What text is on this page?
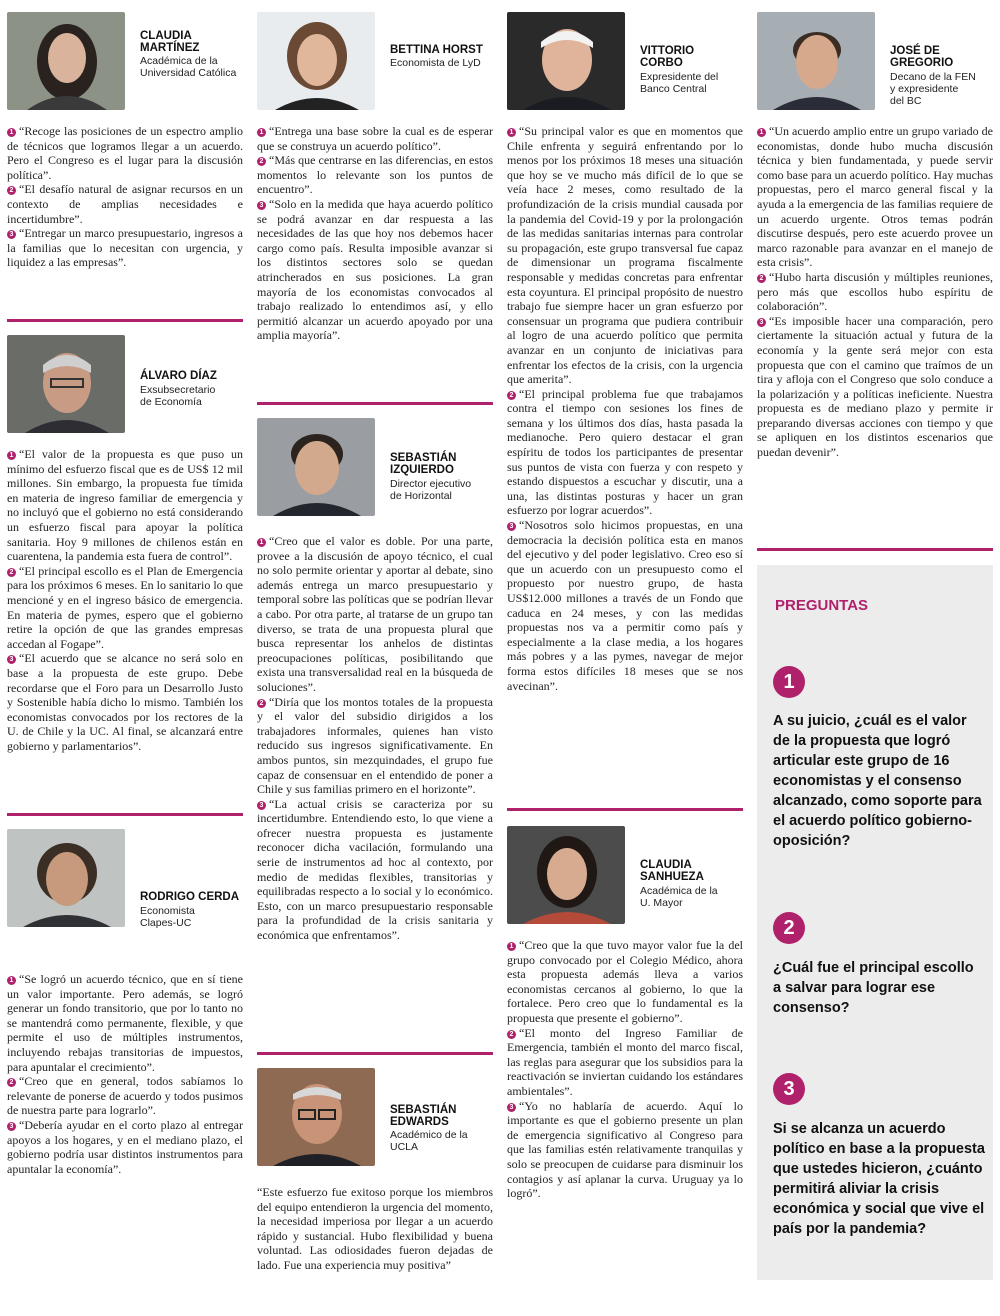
CLAUDIA
MARTÍNEZ
Académica de la
Universidad Católica

1 “Recoge las posiciones de un espectro amplio de técnicos que logramos llegar a un acuerdo. Pero el Congreso es el lugar para la discusión política”.

2 “El desafío natural de asignar recursos en un contexto de amplias necesidades e incertidumbre”.

3 “Entregar un marco presupuestario, ingresos a la familias que lo necesitan con urgencia, y liquidez a las empresas”.

ÁLVARO DÍAZ
Exsubsecretario
de Economía

1 “El valor de la propuesta es que puso un mínimo del esfuerzo fiscal que es de US$ 12 mil millones. Sin embargo, la propuesta fue tímida en materia de ingreso familiar de emergencia y no incluyó que el gobierno no está considerando un esfuerzo fiscal para apoyar la política sanitaria. Hoy 9 millones de chilenos están en cuarentena, la pandemia esta fuera de control”.

2 “El principal escollo es el Plan de Emergencia para los próximos 6 meses. En lo sanitario lo que mencioné y en el ingreso básico de emergencia. En materia de pymes, espero que el gobierno retire la opción de que las grandes empresas accedan al Fogape”.

3 “El acuerdo que se alcance no será solo en base a la propuesta de este grupo. Debe recordarse que el Foro para un Desarrollo Justo y Sostenible había dicho lo mismo. También los economistas convocados por los rectores de la U. de Chile y la UC. Al final, se alcanzará entre gobierno y parlamentarios”.

RODRIGO CERDA
Economista
Clapes-UC

1 “Se logró un acuerdo técnico, que en sí tiene un valor importante. Pero además, se logró generar un fondo transitorio, que por lo tanto no se mantendrá como permanente, flexible, y que permite el uso de múltiples instrumentos, incluyendo rebajas transitorias de impuestos, para apuntalar el crecimiento”.

2 “Creo que en general, todos sabíamos lo relevante de ponerse de acuerdo y todos pusimos de nuestra parte para lograrlo”.

3 “Debería ayudar en el corto plazo al entregar apoyos a los hogares, y en el mediano plazo, el gobierno podría usar distintos instrumentos para apuntalar la economía”.

BETTINA HORST
Economista de LyD

1 “Entrega una base sobre la cual es de esperar que se construya un acuerdo político”.

2 “Más que centrarse en las diferencias, en estos momentos lo relevante son los puntos de encuentro”.

3 “Solo en la medida que haya acuerdo político se podrá avanzar en dar respuesta a las necesidades de las que hoy nos debemos hacer cargo como país. Resulta imposible avanzar si los distintos sectores solo se quedan atrincherados en sus posiciones. La gran mayoría de los economistas convocados al trabajo realizado lo entendimos así, y ello permitió alcanzar un acuerdo apoyado por una amplia mayoría”.

SEBASTIÁN
IZQUIERDO
Director ejecutivo
de Horizontal

1 “Creo que el valor es doble. Por una parte, provee a la discusión de apoyo técnico, el cual no solo permite orientar y aportar al debate, sino además entrega un marco presupuestario y temporal sobre las políticas que se podrían llevar a cabo. Por otra parte, al tratarse de un grupo tan diverso, se trata de una propuesta plural que busca representar los anhelos de distintas preocupaciones políticas, posibilitando que exista una transversalidad real en la búsqueda de soluciones”.

2 “Diría que los montos totales de la propuesta y el valor del subsidio dirigidos a los trabajadores informales, quienes han visto reducido sus ingresos significativamente. En ambos puntos, sin mezquindades, el grupo fue capaz de consensuar en el entendido de poner a Chile y sus familias primero en el horizonte”.

3 “La actual crisis se caracteriza por su incertidumbre. Entendiendo esto, lo que viene a ofrecer nuestra propuesta es justamente reconocer dicha vacilación, formulando una serie de instrumentos ad hoc al contexto, por medio de medidas flexibles, transitorias y equilibradas respecto a lo social y lo económico. Esto, con un marco presupuestario responsable para la profundidad de la crisis sanitaria y económica que enfrentamos”.

SEBASTIÁN
EDWARDS
Académico de la UCLA

“Este esfuerzo fue exitoso porque los miembros del equipo entendieron la urgencia del momento, la necesidad imperiosa por llegar a un acuerdo rápido y sustancial. Hubo flexibilidad y buena voluntad. Las odiosidades fueron dejadas de lado. Fue una experiencia muy positiva”

VITTORIO
CORBO
Expresidente del
Banco Central

1 “Su principal valor es que en momentos que Chile enfrenta y seguirá enfrentando por lo menos por los próximos 18 meses una situación que hoy se ve mucho más difícil de lo que se veía hace 2 meses, como resultado de la profundización de la crisis mundial causada por la pandemia del Covid-19 y por la prolongación de las medidas sanitarias internas para controlar su propagación, este grupo transversal fue capaz de dimensionar un programa fiscalmente responsable y medidas concretas para enfrentar esta coyuntura. El principal propósito de nuestro trabajo fue siempre hacer un gran esfuerzo por consensuar un programa que pudiera contribuir al logro de una acuerdo político que permita avanzar en un conjunto de iniciativas para enfrentar los efectos de la crisis, con la urgencia que amerita”.

2 “El principal problema fue que trabajamos contra el tiempo con sesiones los fines de semana y los últimos dos días, hasta pasada la medianoche. Pero quiero destacar el gran espíritu de todos los participantes de presentar sus puntos de vista con fuerza y con respeto y estando dispuestos a escuchar y discutir, una a una, las distintas posturas y hacer un gran esfuerzo por lograr acuerdos”.

3 “Nosotros solo hicimos propuestas, en una democracia la decisión política esta en manos del ejecutivo y del poder legislativo. Creo eso sí que un acuerdo con un presupuesto como el propuesto por nuestro grupo, de hasta US$12.000 millones a través de un Fondo que caduca en 24 meses, y con las medidas propuestas nos va a permitir como país y especialmente a la clase media, a los hogares más pobres y a las pymes, navegar de mejor forma estos difíciles 18 meses que se nos avecinan”.

CLAUDIA
SANHUEZA
Académica de la
U. Mayor

1 “Creo que la que tuvo mayor valor fue la del grupo convocado por el Colegio Médico, ahora esta propuesta además lleva a varios economistas cercanos al gobierno, lo que la fortalece. Pero creo que lo fundamental es la propuesta que presente el gobierno”.

2 “El monto del Ingreso Familiar de Emergencia, también el monto del marco fiscal, las reglas para asegurar que los subsidios para la reactivación se inviertan cuidando los estándares ambientales”.

3 “Yo no hablaría de acuerdo. Aquí lo importante es que el gobierno presente un plan de emergencia significativo al Congreso para que las familias estén relativamente tranquilas y solo se preocupen de cuidarse para disminuir los contagios y así aplanar la curva. Uruguay ya lo logró”.

JOSÉ DE
GREGORIO
Decano de la FEN
y expresidente
del BC

1 “Un acuerdo amplio entre un grupo variado de economistas, donde hubo mucha discusión técnica y bien fundamentada, y puede servir como base para un acuerdo político. Hay muchas propuestas, pero el marco general fiscal y la ayuda a la emergencia de las familias requiere de un acuerdo urgente. Otros temas podrán discutirse después, pero este acuerdo provee un marco razonable para avanzar en el manejo de esta crisis”.

2 “Hubo harta discusión y múltiples reuniones, pero más que escollos hubo espíritu de colaboración”.

3 “Es imposible hacer una comparación, pero ciertamente la situación actual y futura de la economía y la gente será mejor con esta propuesta que con el camino que traímos de un tira y afloja con el Congreso que solo conduce a la polarización y a políticas ineficiente. Nuestra propuesta es de mediano plazo y permite ir preparando diversas acciones con tiempo y que se apliquen en los distintos escenarios que puedan devenir”.

PREGUNTAS
1
A su juicio, ¿cuál es el valor de la propuesta que logró articular este grupo de 16 economistas y el consenso alcanzado, como soporte para el acuerdo político gobierno-oposición?
2
¿Cuál fue el principal escollo a salvar para lograr ese consenso?
3
Si se alcanza un acuerdo político en base a la propuesta que ustedes hicieron, ¿cuánto permitirá aliviar la crisis económica y social que vive el país por la pandemia?
